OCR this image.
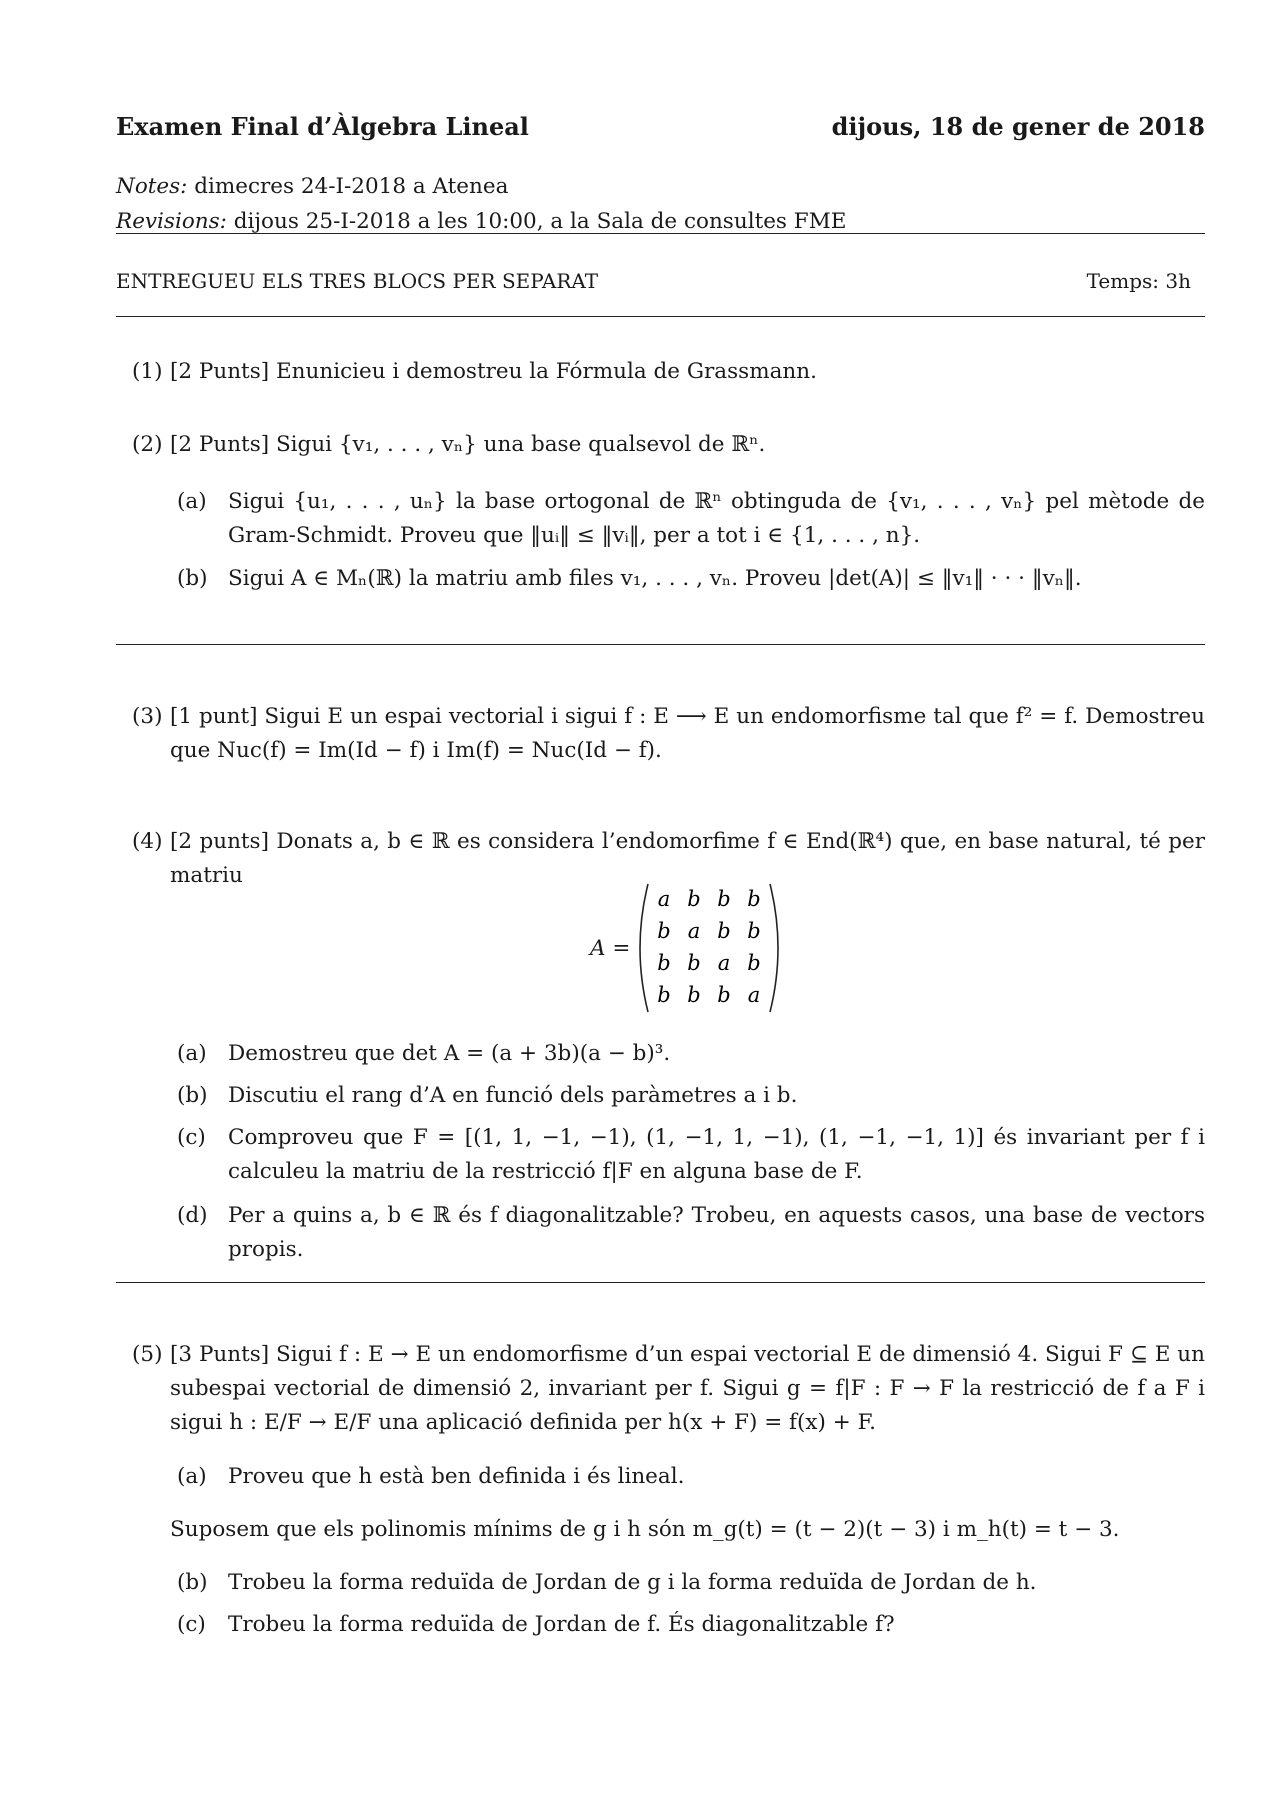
Examen Final d’Àlgebra Lineal	dijous, 18 de gener de 2018
Notes: dimecres 24-I-2018 a Atenea
Revisions: dijous 25-I-2018 a les 10:00, a la Sala de consultes FME
ENTREGUEU ELS TRES BLOCS PER SEPARAT	Temps: 3h
(1) [2 Punts] Enunicieu i demostreu la Fórmula de Grassmann.
(2) [2 Punts] Sigui {v₁, . . . , vₙ} una base qualsevol de ℝⁿ.
(a) Sigui {u₁, . . . , uₙ} la base ortogonal de ℝⁿ obtinguda de {v₁, . . . , vₙ} pel mètode de Gram-Schmidt. Proveu que ‖uᵢ‖ ≤ ‖vᵢ‖, per a tot i ∈ {1, . . . , n}.
(b) Sigui A ∈ Mₙ(ℝ) la matriu amb files v₁, . . . , vₙ. Proveu |det(A)| ≤ ‖v₁‖ · · · ‖vₙ‖.
(3) [1 punt] Sigui E un espai vectorial i sigui f : E ⟶ E un endomorfisme tal que f² = f. Demostreu que Nuc(f) = Im(Id − f) i Im(f) = Nuc(Id − f).
(4) [2 punts] Donats a, b ∈ ℝ es considera l’endomorfime f ∈ End(ℝ⁴) que, en base natural, té per matriu
A =
a b b b
b a b b
b b a b
b b b a
(a) Demostreu que det A = (a + 3b)(a − b)³.
(b) Discutiu el rang d’A en funció dels paràmetres a i b.
(c) Comproveu que F = [(1, 1, −1, −1), (1, −1, 1, −1), (1, −1, −1, 1)] és invariant per f i calculeu la matriu de la restricció f|F en alguna base de F.
(d) Per a quins a, b ∈ ℝ és f diagonalitzable? Trobeu, en aquests casos, una base de vectors propis.
(5) [3 Punts] Sigui f : E → E un endomorfisme d’un espai vectorial E de dimensió 4. Sigui F ⊆ E un subespai vectorial de dimensió 2, invariant per f. Sigui g = f|F : F → F la restricció de f a F i sigui h : E/F → E/F una aplicació definida per h(x + F) = f(x) + F.
(a) Proveu que h està ben definida i és lineal.
Suposem que els polinomis mínims de g i h són m_g(t) = (t − 2)(t − 3) i m_h(t) = t − 3.
(b) Trobeu la forma reduïda de Jordan de g i la forma reduïda de Jordan de h.
(c) Trobeu la forma reduïda de Jordan de f. És diagonalitzable f?
